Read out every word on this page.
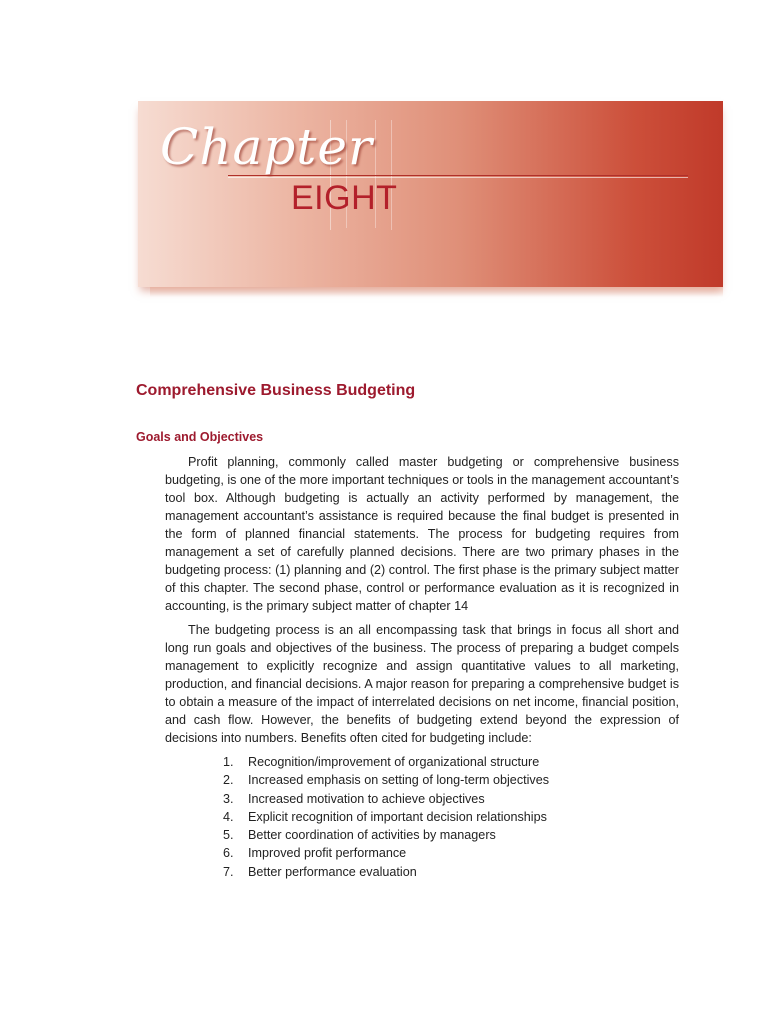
Chapter
EIGHT
Comprehensive Business Budgeting
Goals and Objectives

Profit planning, commonly called master budgeting or comprehensive business budgeting, is one of the more important techniques or tools in the management accountant’s tool box. Although budgeting is actually an activity performed by management, the management accountant’s assistance is required because the final budget is presented in the form of planned financial statements. The process for budgeting requires from management a set of carefully planned decisions. There are two primary phases in the budgeting process: (1) planning and (2) control. The first phase is the primary subject matter of this chapter. The second phase, control or performance evaluation as it is recognized in accounting, is the primary subject matter of chapter 14

The budgeting process is an all encompassing task that brings in focus all short and long run goals and objectives of the business. The process of preparing a budget compels management to explicitly recognize and assign quantitative values to all marketing, production, and financial decisions. A major reason for preparing a comprehensive budget is to obtain a measure of the impact of interrelated decisions on net income, financial position, and cash flow. However, the benefits of budgeting extend beyond the expression of decisions into numbers. Benefits often cited for budgeting include:

1.	Recognition/improvement of organizational structure
2.	Increased emphasis on setting of long-term objectives
3.	Increased motivation to achieve objectives
4.	Explicit recognition of important decision relationships
5.	Better coordination of activities by managers
6.	Improved profit performance
7.	Better performance evaluation
